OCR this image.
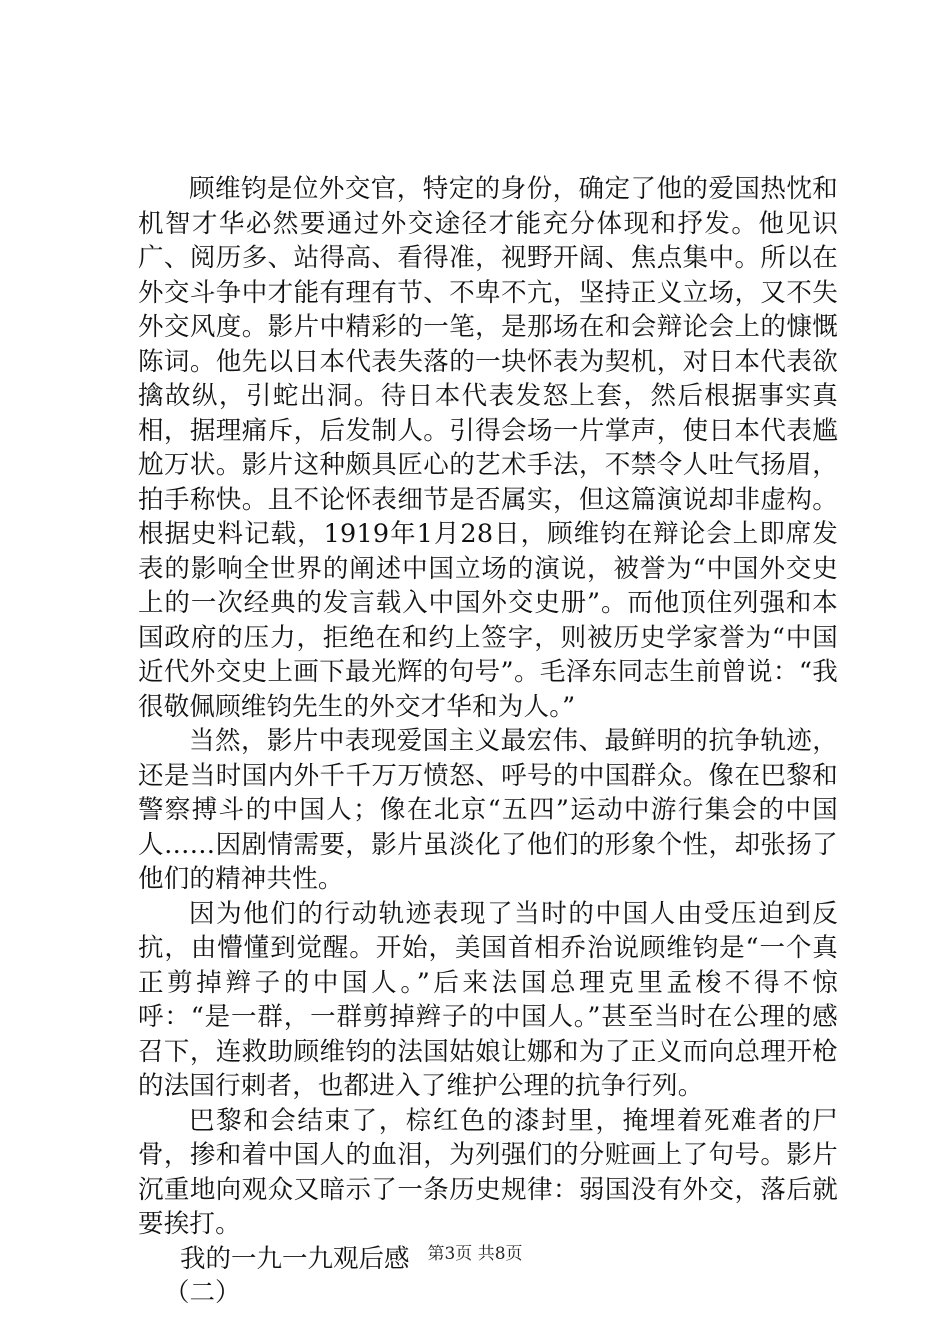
顾维钧是位外交官，特定的身份，确定了他的爱国热忱和机智才华必然要通过外交途径才能充分体现和抒发。他见识广、阅历多、站得高、看得准，视野开阔、焦点集中。所以在外交斗争中才能有理有节、不卑不亢，坚持正义立场，又不失外交风度。影片中精彩的一笔，是那场在和会辩论会上的慷慨陈词。他先以日本代表失落的一块怀表为契机，对日本代表欲擒故纵，引蛇出洞。待日本代表发怒上套，然后根据事实真相，据理痛斥，后发制人。引得会场一片掌声，使日本代表尴尬万状。影片这种颇具匠心的艺术手法，不禁令人吐气扬眉，拍手称快。且不论怀表细节是否属实，但这篇演说却非虚构。根据史料记载，1919年1月28日，顾维钧在辩论会上即席发表的影响全世界的阐述中国立场的演说，被誉为“中国外交史上的一次经典的发言载入中国外交史册”。而他顶住列强和本国政府的压力，拒绝在和约上签字，则被历史学家誉为“中国近代外交史上画下最光辉的句号”。毛泽东同志生前曾说：“我很敬佩顾维钧先生的外交才华和为人。”

当然，影片中表现爱国主义最宏伟、最鲜明的抗争轨迹，还是当时国内外千千万万愤怒、呼号的中国群众。像在巴黎和警察搏斗的中国人；像在北京“五四”运动中游行集会的中国人……因剧情需要，影片虽淡化了他们的形象个性，却张扬了他们的精神共性。

因为他们的行动轨迹表现了当时的中国人由受压迫到反抗，由懵懂到觉醒。开始，美国首相乔治说顾维钧是“一个真正剪掉辫子的中国人。”后来法国总理克里孟梭不得不惊呼：“是一群，一群剪掉辫子的中国人。”甚至当时在公理的感召下，连救助顾维钧的法国姑娘让娜和为了正义而向总理开枪的法国行刺者，也都进入了维护公理的抗争行列。

巴黎和会结束了，棕红色的漆封里，掩埋着死难者的尸骨，掺和着中国人的血泪，为列强们的分赃画上了句号。影片沉重地向观众又暗示了一条历史规律：弱国没有外交，落后就要挨打。

我的一九一九观后感

（二）

第3页 共8页
